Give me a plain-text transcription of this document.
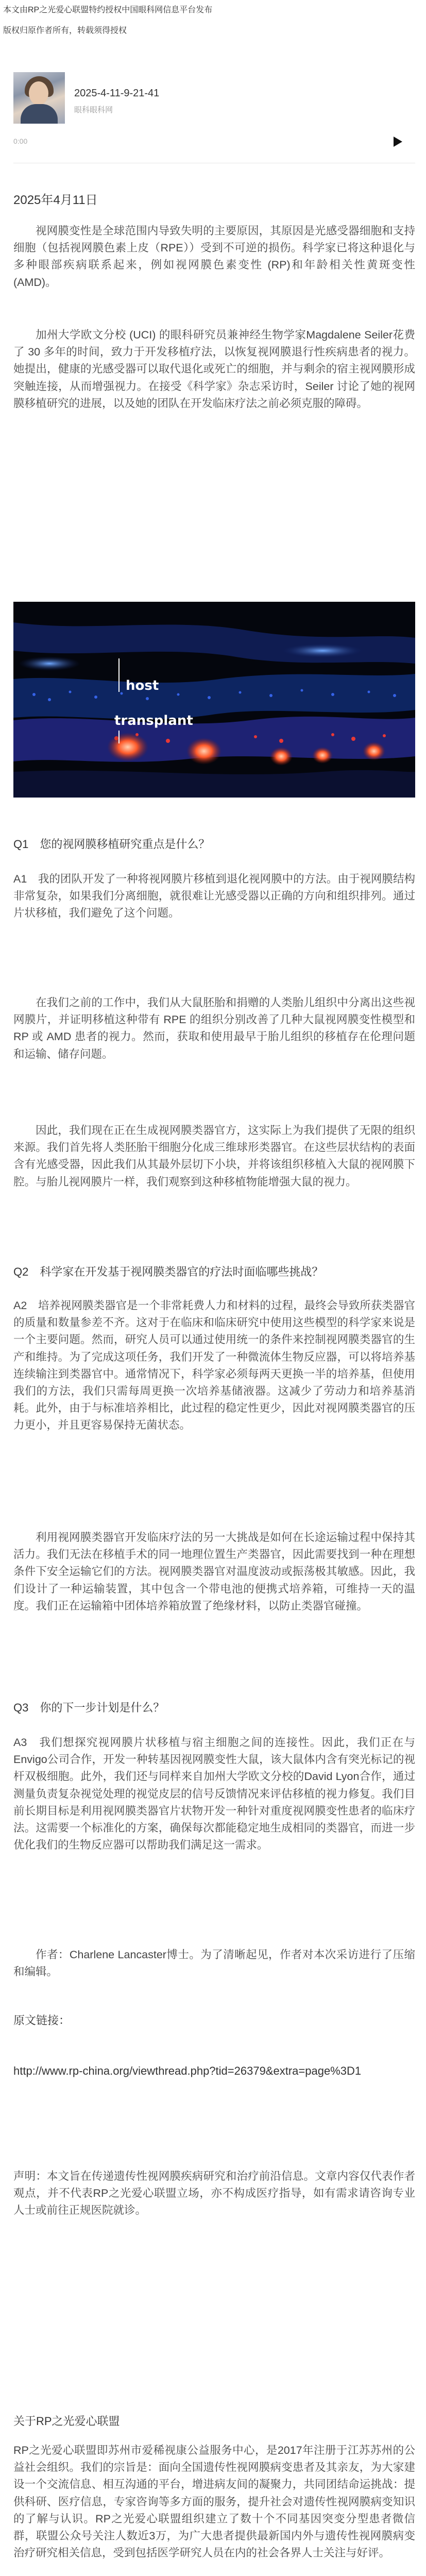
本文由RP之光爱心联盟特约授权中国眼科网信息平台发布
版权归原作者所有，转载须得授权
2025-4-11-9-21-41
眼科眼科网
0:00
2025年4月11日

视网膜变性是全球范围内导致失明的主要原因，其原因是光感受器细胞和支持细胞（包括视网膜色素上皮（RPE））受到不可逆的损伤。科学家已将这种退化与多种眼部疾病联系起来，例如视网膜色素变性 (RP)和年龄相关性黄斑变性 (AMD)。

加州大学欧文分校 (UCI) 的眼科研究员兼神经生物学家Magdalene Seiler花费了 30 多年的时间，致力于开发移植疗法，以恢复视网膜退行性疾病患者的视力。她提出，健康的光感受器可以取代退化或死亡的细胞，并与剩余的宿主视网膜形成突触连接，从而增强视力。在接受《科学家》杂志采访时，Seiler 讨论了她的视网膜移植研究的进展，以及她的团队在开发临床疗法之前必须克服的障碍。

host
transplant

Q1　您的视网膜移植研究重点是什么？

A1　我的团队开发了一种将视网膜片移植到退化视网膜中的方法。由于视网膜结构非常复杂，如果我们分离细胞，就很难让光感受器以正确的方向和组织排列。通过片状移植，我们避免了这个问题。

在我们之前的工作中，我们从大鼠胚胎和捐赠的人类胎儿组织中分离出这些视网膜片，并证明移植这种带有 RPE 的组织分别改善了几种大鼠视网膜变性模型和RP 或 AMD 患者的视力。然而，获取和使用最早于胎儿组织的移植存在伦理问题和运输、储存问题。

因此，我们现在正在生成视网膜类器官方，这实际上为我们提供了无限的组织来源。我们首先将人类胚胎干细胞分化成三维球形类器官。在这些层状结构的表面含有光感受器，因此我们从其最外层切下小块，并将该组织移植入大鼠的视网膜下腔。与胎儿视网膜片一样，我们观察到这种移植物能增强大鼠的视力。

Q2　科学家在开发基于视网膜类器官的疗法时面临哪些挑战？

A2　培养视网膜类器官是一个非常耗费人力和材料的过程，最终会导致所获类器官的质量和数量参差不齐。这对于在临床和临床研究中使用这些模型的科学家来说是一个主要问题。然而，研究人员可以通过使用统一的条件来控制视网膜类器官的生产和维持。为了完成这项任务，我们开发了一种微流体生物反应器，可以将培养基连续输注到类器官中。通常情况下，科学家必须每两天更换一半的培养基，但使用我们的方法，我们只需每周更换一次培养基储液器。这减少了劳动力和培养基消耗。此外，由于与标准培养相比，此过程的稳定性更少，因此对视网膜类器官的压力更小，并且更容易保持无菌状态。

利用视网膜类器官开发临床疗法的另一大挑战是如何在长途运输过程中保持其活力。我们无法在移植手术的同一地理位置生产类器官，因此需要找到一种在理想条件下安全运输它们的方法。视网膜类器官对温度波动或振荡极其敏感。因此，我们设计了一种运输装置，其中包含一个带电池的便携式培养箱，可维持一天的温度。我们正在运输箱中团体培养箱放置了绝缘材料，以防止类器官碰撞。

Q3　你的下一步计划是什么？

A3　我们想探究视网膜片状移植与宿主细胞之间的连接性。因此，我们正在与Envigo公司合作，开发一种转基因视网膜变性大鼠，该大鼠体内含有突光标记的视杆双极细胞。此外，我们还与同样来自加州大学欧文分校的David Lyon合作，通过测量负责复杂视觉处理的视觉皮层的信号反馈情况来评估移植的视力修复。我们目前长期目标是利用视网膜类器官片状物开发一种针对重度视网膜变性患者的临床疗法。这需要一个标准化的方案，确保每次都能稳定地生成相同的类器官，而进一步优化我们的生物反应器可以帮助我们满足这一需求。

作者：Charlene Lancaster博士。为了清晰起见，作者对本次采访进行了压缩和编辑。

原文链接：
http://www.rp-china.org/viewthread.php?tid=26379&extra=page%3D1

声明：本文旨在传递遗传性视网膜疾病研究和治疗前沿信息。文章内容仅代表作者观点，并不代表RP之光爱心联盟立场，亦不构成医疗指导，如有需求请咨询专业人士或前往正规医院就诊。

关于RP之光爱心联盟

RP之光爱心联盟即苏州市爱稀视康公益服务中心，是2017年注册于江苏苏州的公益社会组织。我们的宗旨是：面向全国遗传性视网膜病变患者及其亲友，为大家建设一个交流信息、相互沟通的平台，增进病友间的凝聚力，共同团结命运挑战：提供科研、医疗信息，专家咨询等多方面的服务，提升社会对遗传性视网膜病变知识的了解与认识。RP之光爱心联盟组织建立了数十个不同基因突变分型患者微信群，联盟公众号关注人数近3万，为广大患者提供最新国内外与遗传性视网膜病变治疗研究相关信息，受到包括医学研究人员在内的社会各界人士关注与好评。
